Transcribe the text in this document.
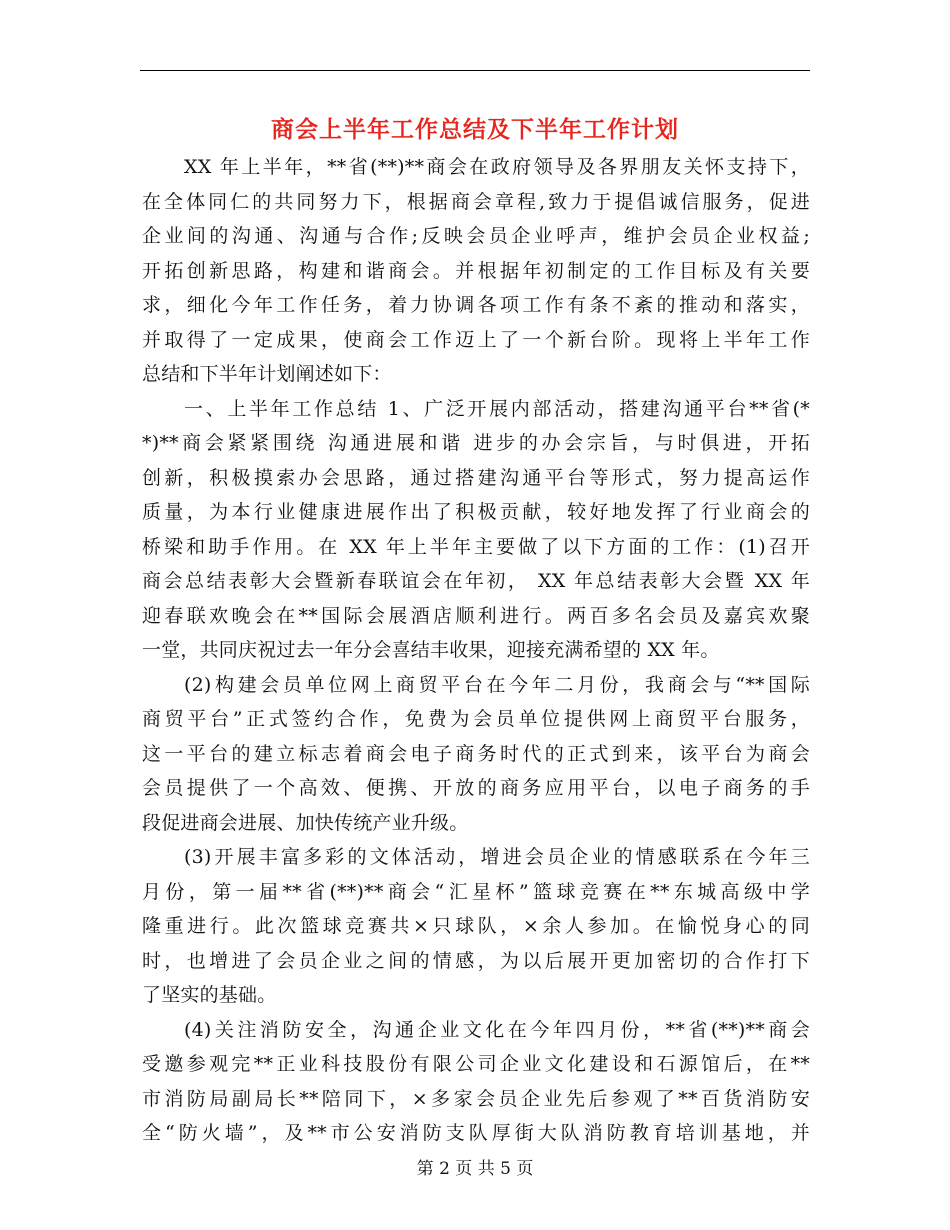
商会上半年工作总结及下半年工作计划
XX 年上半年，**省(**)**商会在政府领导及各界朋友关怀支持下，
在全体同仁的共同努力下，根据商会章程,致力于提倡诚信服务，促进
企业间的沟通、沟通与合作;反映会员企业呼声，维护会员企业权益;
开拓创新思路，构建和谐商会。并根据年初制定的工作目标及有关要
求，细化今年工作任务，着力协调各项工作有条不紊的推动和落实，
并取得了一定成果，使商会工作迈上了一个新台阶。现将上半年工作
总结和下半年计划阐述如下：
一、上半年工作总结 1、广泛开展内部活动，搭建沟通平台**省(*
*)**商会紧紧围绕 沟通进展和谐 进步的办会宗旨，与时俱进，开拓
创新，积极摸索办会思路，通过搭建沟通平台等形式，努力提高运作
质量，为本行业健康进展作出了积极贡献，较好地发挥了行业商会的
桥梁和助手作用。在 XX 年上半年主要做了以下方面的工作：(1)召开
商会总结表彰大会暨新春联谊会在年初， XX 年总结表彰大会暨 XX 年
迎春联欢晚会在**国际会展酒店顺利进行。两百多名会员及嘉宾欢聚
一堂，共同庆祝过去一年分会喜结丰收果，迎接充满希望的 XX 年。
(2)构建会员单位网上商贸平台在今年二月份，我商会与“**国际
商贸平台”正式签约合作，免费为会员单位提供网上商贸平台服务，
这一平台的建立标志着商会电子商务时代的正式到来，该平台为商会
会员提供了一个高效、便携、开放的商务应用平台，以电子商务的手
段促进商会进展、加快传统产业升级。
(3)开展丰富多彩的文体活动，增进会员企业的情感联系在今年三
月份，第一届**省(**)**商会“汇星杯”篮球竞赛在**东城高级中学
隆重进行。此次篮球竞赛共×只球队，×余人参加。在愉悦身心的同
时，也增进了会员企业之间的情感，为以后展开更加密切的合作打下
了坚实的基础。
(4)关注消防安全，沟通企业文化在今年四月份，**省(**)**商会
受邀参观完**正业科技股份有限公司企业文化建设和石源馆后，在**
市消防局副局长**陪同下，×多家会员企业先后参观了**百货消防安
全“防火墙”，及**市公安消防支队厚街大队消防教育培训基地，并
第 2 页 共 5 页
